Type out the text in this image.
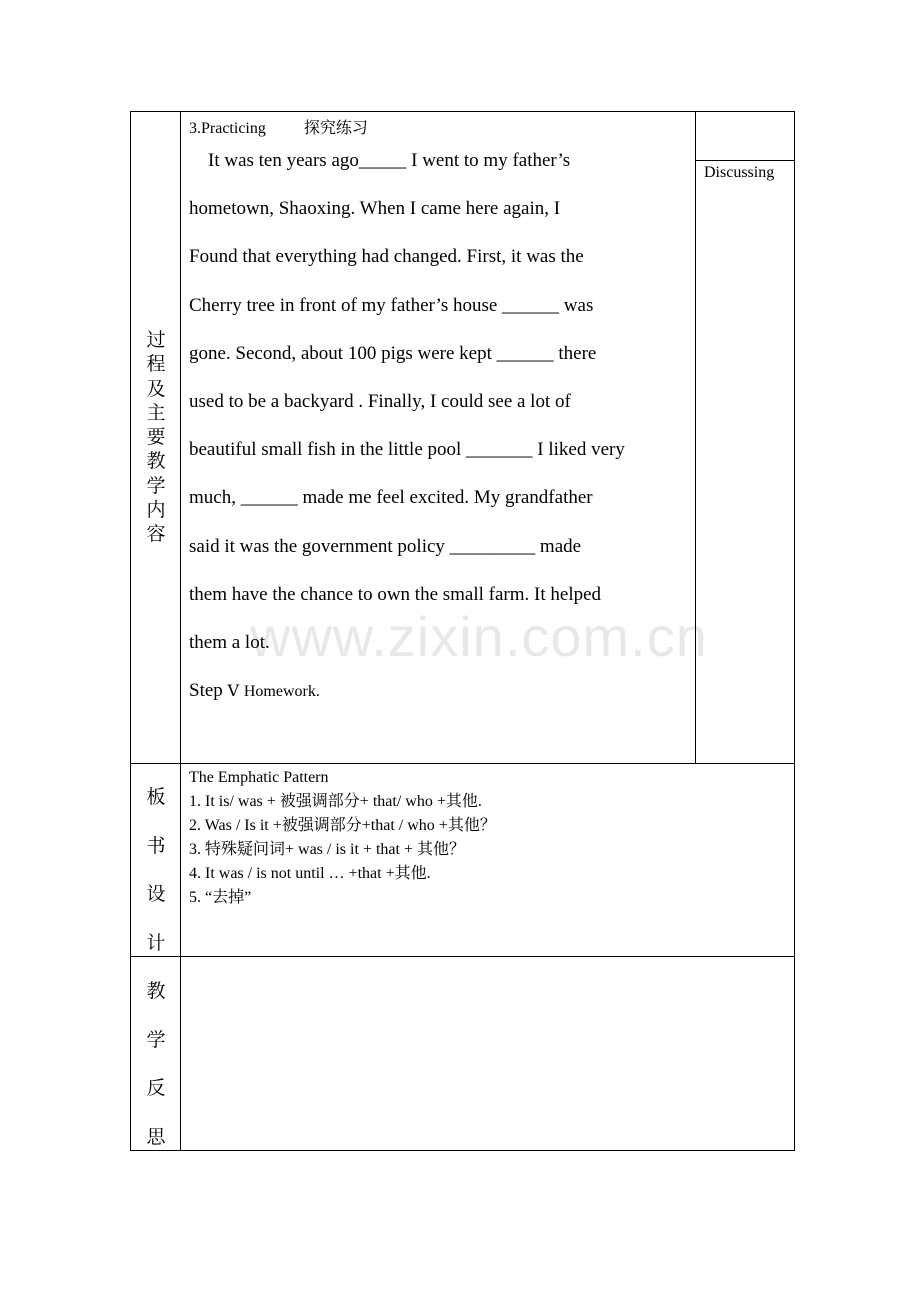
过
程
及
主
要
教
学
内
容
3.Practicing 探究练习

It was ten years ago_____ I went to my father’s

hometown, Shaoxing. When I came here again, I

Found that everything had changed. First, it was the

Cherry tree in front of my father’s house ______ was

gone. Second, about 100 pigs were kept ______ there

used to be a backyard . Finally, I could see a lot of

beautiful small fish in the little pool _______ I liked very

much, ______ made me feel excited. My grandfather

said it was the government policy _________ made

them have the chance to own the small farm. It helped

them a lot.

Step Ⅴ Homework.

Discussing
板
书
设
计
The Emphatic Pattern
1. It is/ was + 被强调部分+ that/ who +其他.
2. Was / Is it +被强调部分+that / who +其他？
3. 特殊疑问词+ was / is it + that + 其他？
4. It was / is not until … +that +其他.
5. “去掉”
教
学
反
思
www.zixin.com.cn
